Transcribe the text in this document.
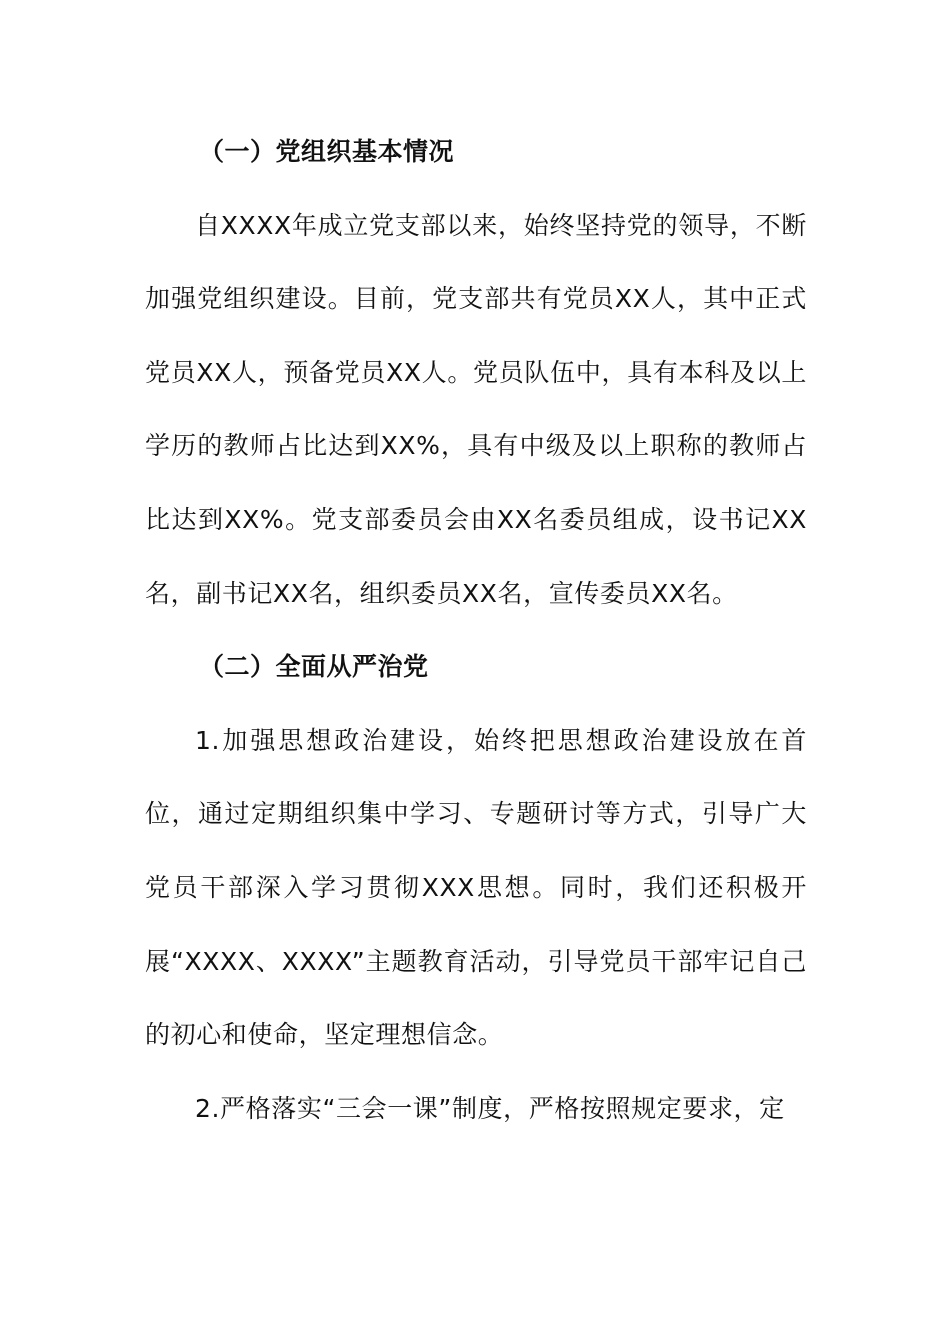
（一）党组织基本情况

自XXXX年成立党支部以来，始终坚持党的领导，不断加强党组织建设。目前，党支部共有党员XX人，其中正式党员XX人，预备党员XX人。党员队伍中，具有本科及以上学历的教师占比达到XX%，具有中级及以上职称的教师占比达到XX%。党支部委员会由XX名委员组成，设书记XX名，副书记XX名，组织委员XX名，宣传委员XX名。

（二）全面从严治党

1.加强思想政治建设，始终把思想政治建设放在首位，通过定期组织集中学习、专题研讨等方式，引导广大党员干部深入学习贯彻XXX思想。同时，我们还积极开展“XXXX、XXXX”主题教育活动，引导党员干部牢记自己的初心和使命，坚定理想信念。

2.严格落实“三会一课”制度，严格按照规定要求，定
